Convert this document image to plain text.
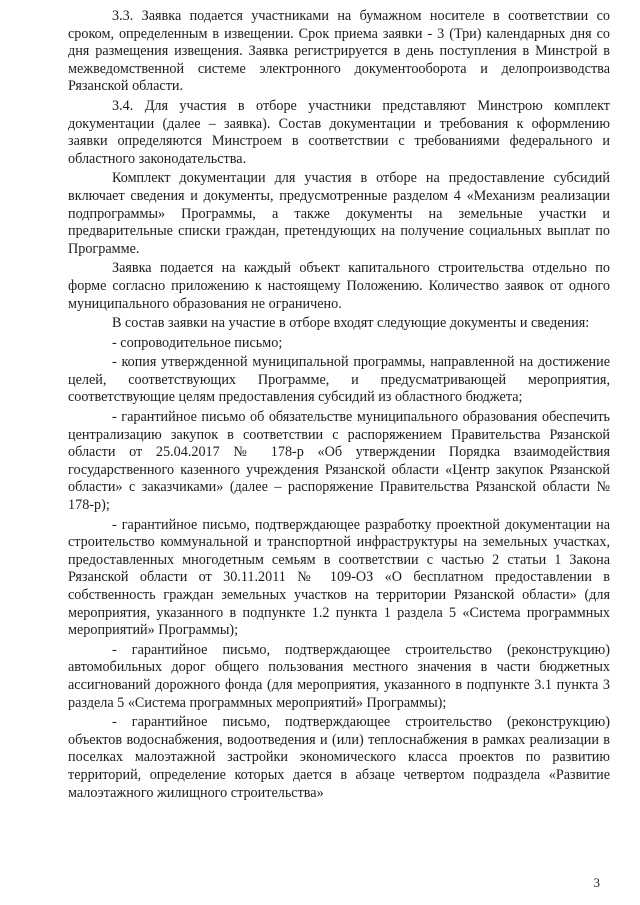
3.3. Заявка подается участниками на бумажном носителе в соответствии со сроком, определенным в извещении. Срок приема заявки - 3 (Три) календарных дня со дня размещения извещения. Заявка регистрируется в день поступления в Минстрой в межведомственной системе электронного документооборота и делопроизводства Рязанской области.

3.4. Для участия в отборе участники представляют Минстрою комплект документации (далее – заявка). Состав документации и требования к оформлению заявки определяются Минстроем в соответствии с требованиями федерального и областного законодательства.

Комплект документации для участия в отборе на предоставление субсидий включает сведения и документы, предусмотренные разделом 4 «Механизм реализации подпрограммы» Программы, а также документы на земельные участки и предварительные списки граждан, претендующих на получение социальных выплат по Программе.

Заявка подается на каждый объект капитального строительства отдельно по форме согласно приложению к настоящему Положению. Количество заявок от одного муниципального образования не ограничено.

В состав заявки на участие в отборе входят следующие документы и сведения:

- сопроводительное письмо;

- копия утвержденной муниципальной программы, направленной на достижение целей, соответствующих Программе, и предусматривающей мероприятия, соответствующие целям предоставления субсидий из областного бюджета;

- гарантийное письмо об обязательстве муниципального образования обеспечить централизацию закупок в соответствии с распоряжением Правительства Рязанской области от 25.04.2017 № 178-р «Об утверждении Порядка взаимодействия государственного казенного учреждения Рязанской области «Центр закупок Рязанской области» с заказчиками» (далее – распоряжение Правительства Рязанской области № 178-р);

- гарантийное письмо, подтверждающее разработку проектной документации на строительство коммунальной и транспортной инфраструктуры на земельных участках, предоставленных многодетным семьям в соответствии с частью 2 статьи 1 Закона Рязанской области от 30.11.2011 № 109-ОЗ «О бесплатном предоставлении в собственность граждан земельных участков на территории Рязанской области» (для мероприятия, указанного в подпункте 1.2 пункта 1 раздела 5 «Система программных мероприятий» Программы);

- гарантийное письмо, подтверждающее строительство (реконструкцию) автомобильных дорог общего пользования местного значения в части бюджетных ассигнований дорожного фонда (для мероприятия, указанного в подпункте 3.1 пункта 3 раздела 5 «Система программных мероприятий» Программы);

- гарантийное письмо, подтверждающее строительство (реконструкцию) объектов водоснабжения, водоотведения и (или) теплоснабжения в рамках реализации в поселках малоэтажной застройки экономического класса проектов по развитию территорий, определение которых дается в абзаце четвертом подраздела «Развитие малоэтажного жилищного строительства»

3
